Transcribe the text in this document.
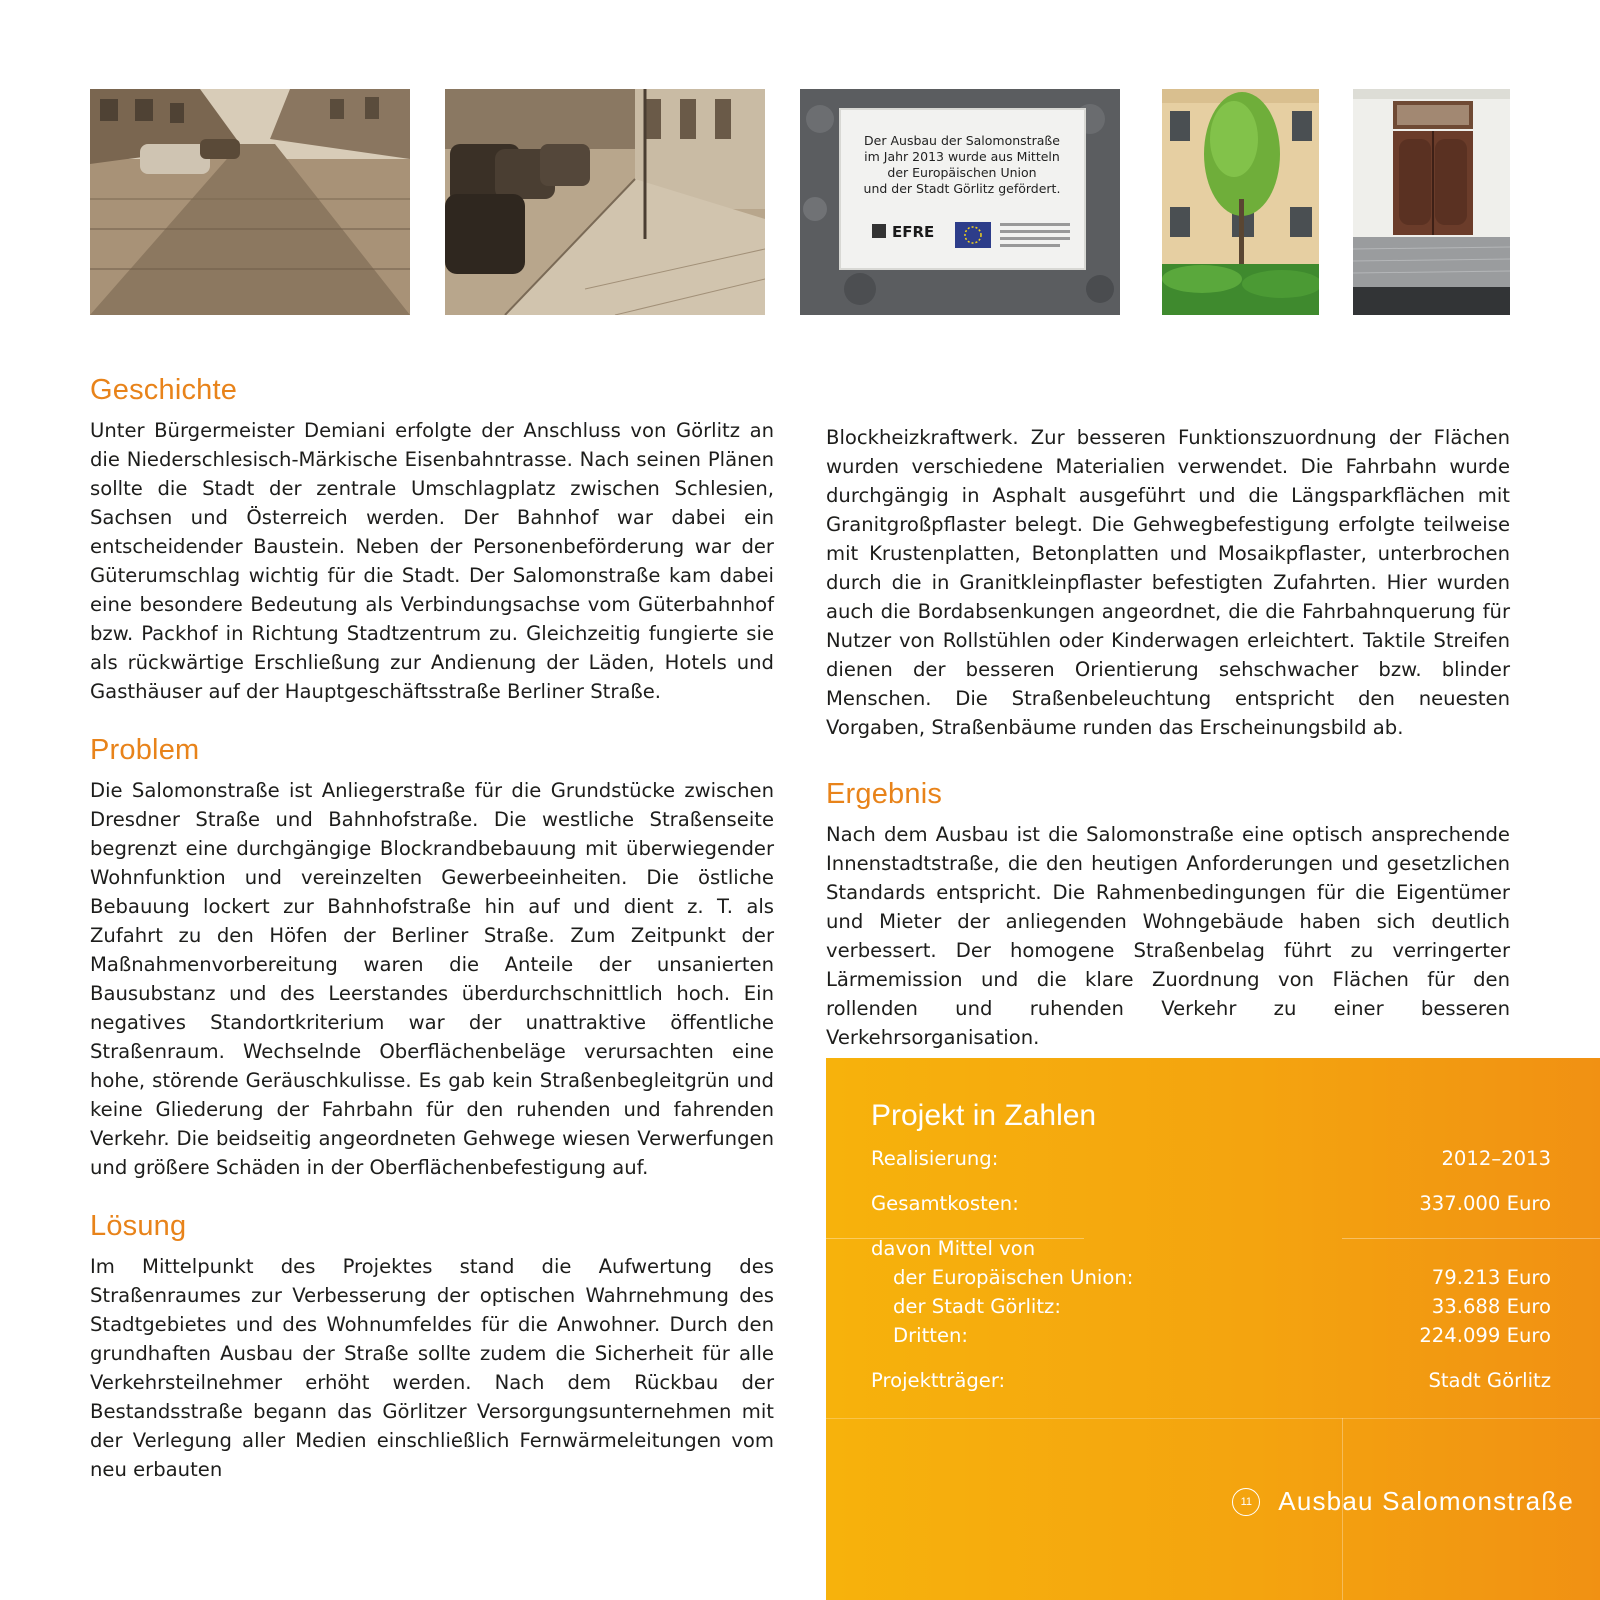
Der Ausbau der Salomonstraße
im Jahr 2013 wurde aus Mitteln
der Europäischen Union
und der Stadt Görlitz gefördert.
EFRE
Geschichte

Unter Bürgermeister Demiani erfolgte der Anschluss von Görlitz an die Niederschlesisch-Märkische Eisenbahntrasse. Nach seinen Plänen sollte die Stadt der zentrale Umschlagplatz zwischen Schlesien, Sachsen und Österreich werden. Der Bahnhof war dabei ein entscheidender Baustein. Neben der Personenbeförderung war der Güterumschlag wichtig für die Stadt. Der Salomonstraße kam dabei eine besondere Bedeutung als Verbindungsachse vom Güterbahnhof bzw. Packhof in Richtung Stadtzentrum zu. Gleichzeitig fungierte sie als rückwärtige Erschließung zur Andienung der Läden, Hotels und Gasthäuser auf der Hauptgeschäftsstraße Berliner Straße.

Problem

Die Salomonstraße ist Anliegerstraße für die Grundstücke zwischen Dresdner Straße und Bahnhofstraße. Die westliche Straßenseite begrenzt eine durchgängige Blockrandbebauung mit überwiegender Wohnfunktion und vereinzelten Gewerbeeinheiten. Die östliche Bebauung lockert zur Bahnhofstraße hin auf und dient z. T. als Zufahrt zu den Höfen der Berliner Straße. Zum Zeitpunkt der Maßnahmenvorbereitung waren die Anteile der unsanierten Bausubstanz und des Leerstandes überdurchschnittlich hoch. Ein negatives Standortkriterium war der unattraktive öffentliche Straßenraum. Wechselnde Oberflächenbeläge verursachten eine hohe, störende Geräuschkulisse. Es gab kein Straßenbegleitgrün und keine Gliederung der Fahrbahn für den ruhenden und fahrenden Verkehr. Die beidseitig angeordneten Gehwege wiesen Verwerfungen und größere Schäden in der Oberflächenbefestigung auf.

Lösung

Im Mittelpunkt des Projektes stand die Aufwertung des Straßenraumes zur Verbesserung der optischen Wahrnehmung des Stadtgebietes und des Wohnumfeldes für die Anwohner. Durch den grundhaften Ausbau der Straße sollte zudem die Sicherheit für alle Verkehrsteilnehmer erhöht werden. Nach dem Rückbau der Bestandsstraße begann das Görlitzer Versorgungsunternehmen mit der Verlegung aller Medien einschließlich Fernwärmeleitungen vom neu erbauten

Blockheizkraftwerk. Zur besseren Funktionszuordnung der Flächen wurden verschiedene Materialien verwendet. Die Fahrbahn wurde durchgängig in Asphalt ausgeführt und die Längsparkflächen mit Granitgroßpflaster belegt. Die Gehwegbefestigung erfolgte teilweise mit Krustenplatten, Betonplatten und Mosaikpflaster, unterbrochen durch die in Granitkleinpflaster befestigten Zufahrten. Hier wurden auch die Bordabsenkungen angeordnet, die die Fahrbahnquerung für Nutzer von Rollstühlen oder Kinderwagen erleichtert. Taktile Streifen dienen der besseren Orientierung sehschwacher bzw. blinder Menschen. Die Straßenbeleuchtung entspricht den neuesten Vorgaben, Straßenbäume runden das Erscheinungsbild ab.

Ergebnis

Nach dem Ausbau ist die Salomonstraße eine optisch ansprechende Innenstadtstraße, die den heutigen Anforderungen und gesetzlichen Standards entspricht. Die Rahmenbedingungen für die Eigentümer und Mieter der anliegenden Wohngebäude haben sich deutlich verbessert. Der homogene Straßenbelag führt zu verringerter Lärmemission und die klare Zuordnung von Flächen für den rollenden und ruhenden Verkehr zu einer besseren Verkehrsorganisation.

Projekt in Zahlen
Realisierung:	2012–2013
Gesamtkosten:	337.000 Euro
davon Mittel von
der Europäischen Union:	79.213 Euro
der Stadt Görlitz:	33.688 Euro
Dritten:	224.099 Euro
Projektträger:	Stadt Görlitz
11	Ausbau Salomonstraße
